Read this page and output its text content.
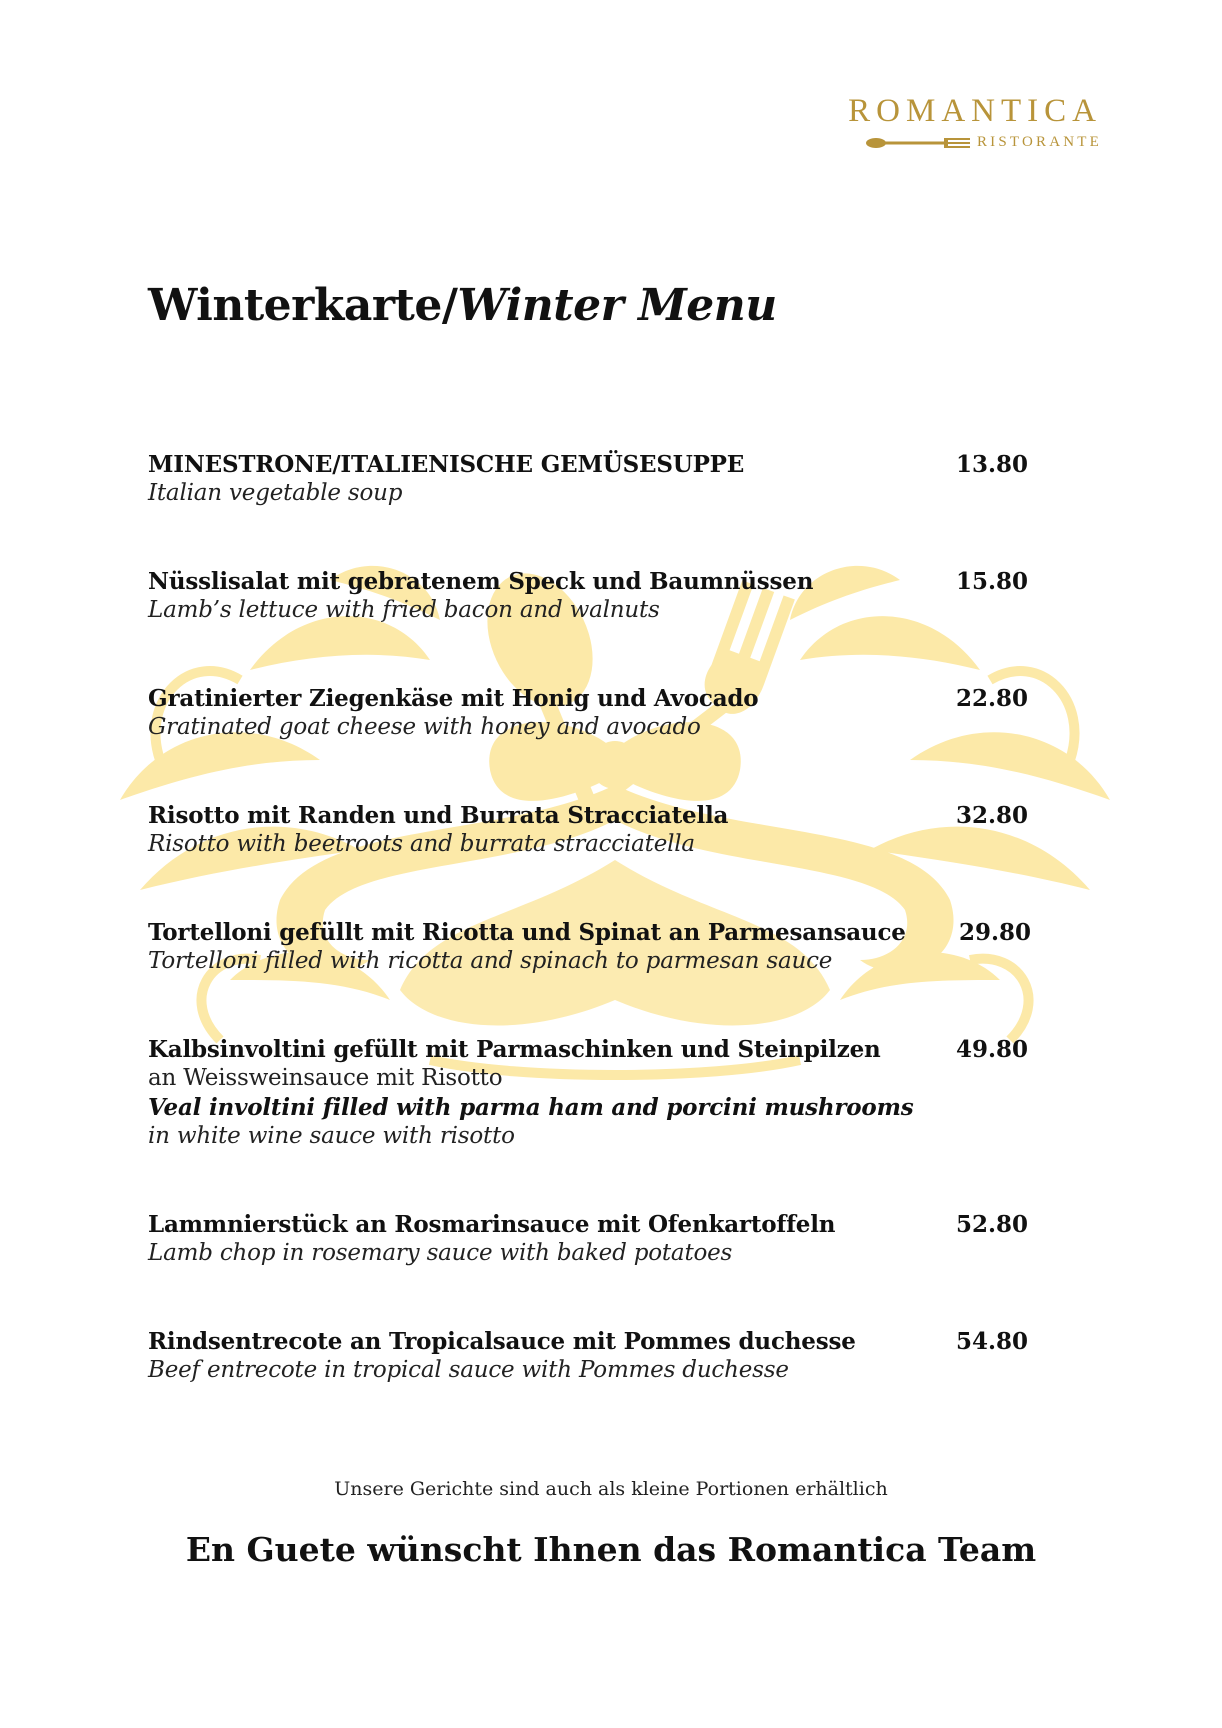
ROMANTICA
RISTORANTE
Winterkarte/Winter Menu
MINESTRONE/ITALIENISCHE GEMÜSESUPPE
Italian vegetable soup
13.80
Nüsslisalat mit gebratenem Speck und Baumnüssen
Lamb’s lettuce with fried bacon and walnuts
15.80
Gratinierter Ziegenkäse mit Honig und Avocado
Gratinated goat cheese with honey and avocado
22.80
Risotto mit Randen und Burrata Stracciatella
Risotto with beetroots and burrata stracciatella
32.80
Tortelloni gefüllt mit Ricotta und Spinat an Parmesansauce
Tortelloni filled with ricotta and spinach to parmesan sauce
29.80
Kalbsinvoltini gefüllt mit Parmaschinken und Steinpilzen
an Weissweinsauce mit Risotto
Veal involtini filled with parma ham and porcini mushrooms
in white wine sauce with risotto
49.80
Lammnierstück an Rosmarinsauce mit Ofenkartoffeln
Lamb chop in rosemary sauce with baked potatoes
52.80
Rindsentrecote an Tropicalsauce mit Pommes duchesse
Beef entrecote in tropical sauce with Pommes duchesse
54.80
Unsere Gerichte sind auch als kleine Portionen erhältlich
En Guete wünscht Ihnen das Romantica Team
